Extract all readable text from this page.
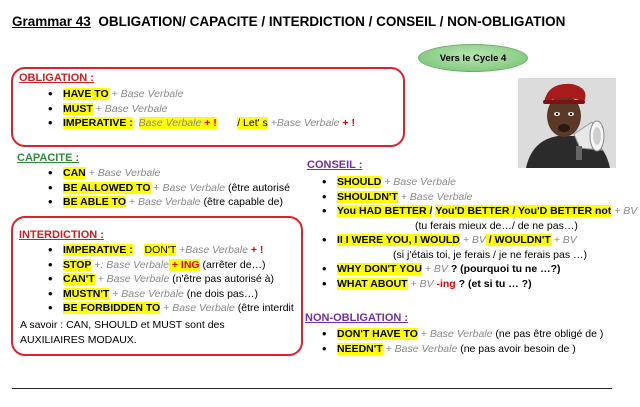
Grammar 43 OBLIGATION/ CAPACITE / INTERDICTION / CONSEIL / NON-OBLIGATION
Vers le Cycle 4
OBLIGATION :
• HAVE TO + Base Verbale
• MUST + Base Verbale
• IMPERATIVE : Base Verbale + ! / Let' s +Base Verbale + !
CAPACITE :
• CAN + Base Verbale
• BE ALLOWED TO + Base Verbale (être autorisé
• BE ABLE TO + Base Verbale (être capable de)
INTERDICTION :
• IMPERATIVE : DON'T +Base Verbale + !
• STOP +: Base Verbale + ING (arrêter de…)
• CAN'T + Base Verbale (n'être pas autorisé à)
• MUSTN'T + Base Verbale (ne dois pas…)
• BE FORBIDDEN TO + Base Verbale (être interdit
A savoir : CAN, SHOULD et MUST sont des
AUXILIAIRES MODAUX.
CONSEIL :
• SHOULD + Base Verbale
• SHOULDN'T + Base Verbale
• You HAD BETTER / You'D BETTER / You'D BETTER not + BV
(tu ferais mieux de…/ de ne pas…)
• II I WERE YOU, I WOULD + BV / WOULDN'T + BV
(si j'étais toi, je ferais / je ne ferais pas …)
• WHY DON'T YOU + BV ? (pourquoi tu ne …?)
• WHAT ABOUT + BV -ing ? (et si tu … ?)
NON-OBLIGATION :
• DON'T HAVE TO + Base Verbale (ne pas être obligé de )
• NEEDN'T + Base Verbale (ne pas avoir besoin de )
